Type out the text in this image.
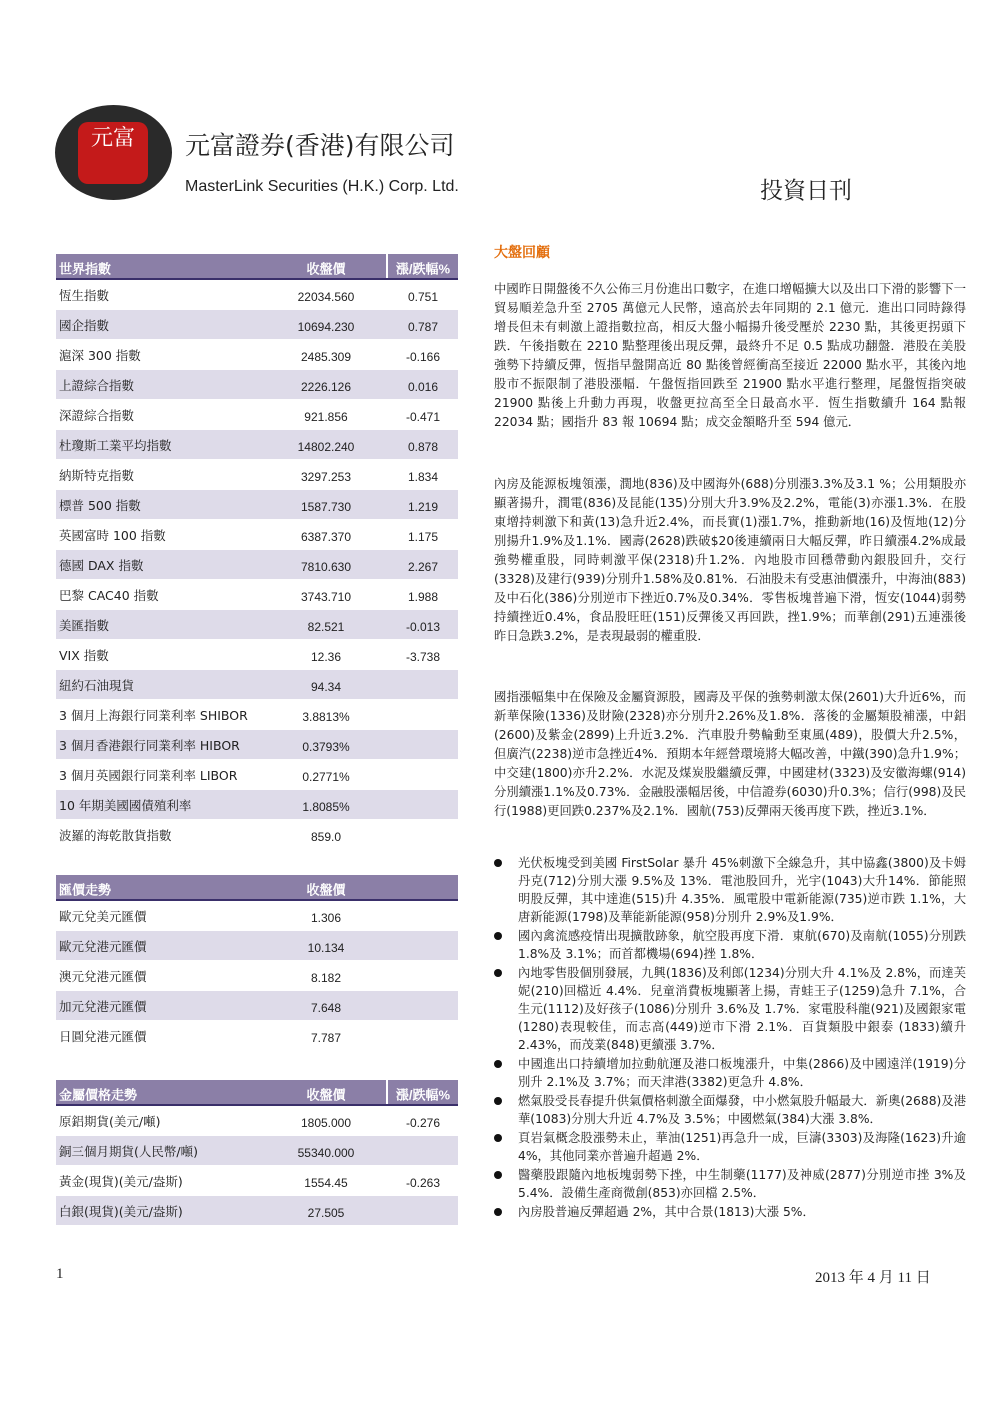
元富	元富證券(香港)有限公司
MasterLink Securities (H.K.) Corp. Ltd.	投資日刊
世界指數	收盤價	漲/跌幅%
恆生指數	22034.560	0.751
國企指數	10694.230	0.787
滬深 300 指數	2485.309	-0.166
上證綜合指數	2226.126	0.016
深證綜合指數	921.856	-0.471
杜瓊斯工業平均指數	14802.240	0.878
納斯特克指數	3297.253	1.834
標普 500 指數	1587.730	1.219
英國富時 100 指數	6387.370	1.175
德國 DAX 指數	7810.630	2.267
巴黎 CAC40 指數	3743.710	1.988
美匯指數	82.521	-0.013
VIX 指數	12.36	-3.738
紐約石油現貨	94.34
3 個月上海銀行同業利率 SHIBOR	3.8813%
3 個月香港銀行同業利率 HIBOR	0.3793%
3 個月英國銀行同業利率 LIBOR	0.2771%
10 年期美國國債殖利率	1.8085%
波羅的海乾散貨指數	859.0
匯價走勢	收盤價
歐元兌美元匯價	1.306
歐元兌港元匯價	10.134
澳元兌港元匯價	8.182
加元兌港元匯價	7.648
日圓兌港元匯價	7.787
金屬價格走勢	收盤價	漲/跌幅%
原鋁期貨(美元/噸)	1805.000	-0.276
銅三個月期貨(人民幣/噸)	55340.000
黃金(現貨)(美元/盎斯)	1554.45	-0.263
白銀(現貨)(美元/盎斯)	27.505
大盤回顧
中國昨日開盤後不久公佈三月份進出口數字，在進口增幅擴大以及出口下滑的影響下一貿易順差急升至 2705 萬億元人民幣，遠高於去年同期的 2.1 億元．進出口同時錄得增長但未有刺激上證指數拉高，相反大盤小幅揚升後受壓於 2230 點，其後更拐頭下跌．午後指數在 2210 點整理後出現反彈，最終升不足 0.5 點成功翻盤．港股在美股強勢下持續反彈，恆指早盤開高近 80 點後曾經衝高至接近 22000 點水平，其後內地股市不振限制了港股漲幅．午盤恆指回跌至 21900 點水平進行整理，尾盤恆指突破 21900 點後上升動力再現，收盤更拉高至全日最高水平．恆生指數續升 164 點報 22034 點；國指升 83 報 10694 點；成交金額略升至 594 億元．
內房及能源板塊領漲，潤地(836)及中國海外(688)分別漲3.3%及3.1 %；公用類股亦顯著揚升，潤電(836)及昆能(135)分別大升3.9%及2.2%，電能(3)亦漲1.3%．在股東增持刺激下和黃(13)急升近2.4%，而長實(1)漲1.7%，推動新地(16)及恆地(12)分別揚升1.9%及1.1%．國壽(2628)跌破$20後連續兩日大幅反彈，昨日續漲4.2%成最強勢權重股，同時刺激平保(2318)升1.2%．內地股市回穩帶動內銀股回升，交行(3328)及建行(939)分別升1.58%及0.81%．石油股未有受惠油價漲升，中海油(883)及中石化(386)分別逆市下挫近0.7%及0.34%．零售板塊普遍下滑，恆安(1044)弱勢持續挫近0.4%，食品股旺旺(151)反彈後又再回跌，挫1.9%；而華創(291)五連漲後昨日急跌3.2%，是表現最弱的權重股．
國指漲幅集中在保險及金屬資源股，國壽及平保的強勢刺激太保(2601)大升近6%，而新華保險(1336)及財險(2328)亦分別升2.26%及1.8%．落後的金屬類股補漲，中鋁(2600)及紫金(2899)上升近3.2%．汽車股升勢輪動至東風(489)，股價大升2.5%，但廣汽(2238)逆市急挫近4%．預期本年經營環境將大幅改善，中鐵(390)急升1.9%；中交建(1800)亦升2.2%．水泥及煤炭股繼續反彈，中國建材(3323)及安徽海螺(914)分別續漲1.1%及0.73%．金融股漲幅居後，中信證券(6030)升0.3%；信行(998)及民行(1988)更回跌0.237%及2.1%．國航(753)反彈兩天後再度下跌，挫近3.1%．
光伏板塊受到美國 FirstSolar 暴升 45%刺激下全線急升，其中協鑫(3800)及卡姆丹克(712)分別大漲 9.5%及 13%．電池股回升，光宇(1043)大升14%．節能照明股反彈，其中達進(515)升 4.35%．風電股中電新能源(735)逆市跌 1.1%，大唐新能源(1798)及華能新能源(958)分別升 2.9%及1.9%．
國內禽流感疫情出現擴散跡象，航空股再度下滑．東航(670)及南航(1055)分別跌 1.8%及 3.1%；而首都機場(694)挫 1.8%．
內地零售股個別發展，九興(1836)及利郎(1234)分別大升 4.1%及 2.8%，而達芙妮(210)回檔近 4.4%．兒童消費板塊顯著上揚，青蛙王子(1259)急升 7.1%，合生元(1112)及好孩子(1086)分別升 3.6%及 1.7%．家電股科龍(921)及國銀家電(1280)表現較佳，而志高(449)逆市下滑 2.1%．百貨類股中銀泰 (1833)續升 2.43%，而茂業(848)更續漲 3.7%．
中國進出口持續增加拉動航運及港口板塊漲升，中集(2866)及中國遠洋(1919)分別升 2.1%及 3.7%；而天津港(3382)更急升 4.8%．
燃氣股受長春提升供氣價格刺激全面爆發，中小燃氣股升幅最大．新奧(2688)及港華(1083)分別大升近 4.7%及 3.5%；中國燃氣(384)大漲 3.8%．
頁岩氣概念股漲勢未止，華油(1251)再急升一成，巨濤(3303)及海隆(1623)升逾 4%，其他同業亦普遍升超過 2%．
醫藥股跟隨內地板塊弱勢下挫，中生制藥(1177)及神威(2877)分別逆市挫 3%及 5.4%．設備生產商微創(853)亦回檔 2.5%．
內房股普遍反彈超過 2%，其中合景(1813)大漲 5%．
1	2013 年 4 月 11 日
